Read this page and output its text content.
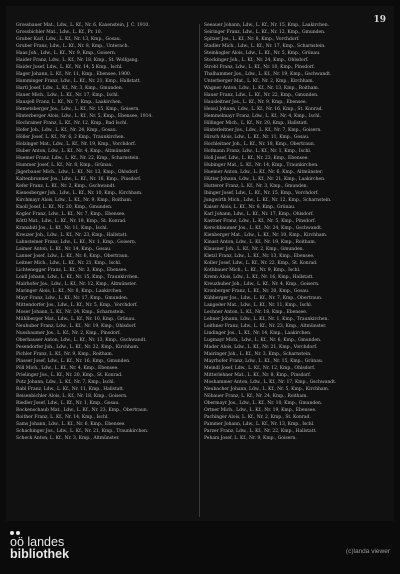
19
Grossbauer Mat., Ldw., L. Kf., Nr. 6, Kaxenstein, J. C. 1910.
Grossbichler Mat., Ldw., L. Kf., Pr. 10.
Gruber Karl, Ldw., L. Kf., Nr. 13, Kmp., Gosau.
Gruber Franz, Ldw., L. Kf., Nr. 8, Kmp., Unterach.
Haas Joh., Ldw., L. Kf., Nr. 9, Kmp., Goisern.
Haider Franz, Ldw., L. Kf., Nr. 18, Kmp., St. Wolfgang.
Haider Josef, Ldw., L. Kf., Nr. 14, 5 Kmp., Ischl.
Hager Johann, L. Kf., Nr. 11, Kmp., Ebensee, 1900.
Hamminger Franz, Ldw., L. Kf., Nr. 21, Kmp., Hallstatt.
Hartl Josef, Ldw., L. Kf., Nr. 3, Kmp., Gmunden.
Hauer Mich., Ldw., L. Kf., Nr. 17, Kmp., Ischl.
Hausjell Franz, L. Kf., Nr. 7, Kmp., Laakirchen.
Hemetsberger Jos., Ldw., L. Kf., Nr. 15, Kmp., Goisern.
Hinterberger Alois, Ldw., L. Kf., Nr. 5, Kmp., Ebensee, 1914.
Hochrainer Franz, L. Kf., Nr. 12, Kmp., Bad Ischl.
Hofer Joh., Ldw., L. Kf., Nr. 24, Kmp., Gosau.
Höller Josef, L. Kf., Nr. 6, 2 Kmp., Traunkirchen.
Holzinger Mat., Ldw., L. Kf., Nr. 19, Kmp., Vorchdorf.
Huber Anton, Ldw., L. Kf., Nr. 4, Kmp., Altmünster.
Huemer Franz, Ldw., L. Kf., Nr. 22, Kmp., Scharnstein.
Hummer Josef, L. Kf., Nr. 8, Kmp., Grünau.
Jägerbauer Mich., Ldw., L. Kf., Nr. 13, Kmp., Ohlsdorf.
Kaltenbrunner Jos., Ldw., L. Kf., Nr. 16, Kmp., Pinsdorf.
Kefer Franz, L. Kf., Nr. 2, Kmp., Gschwandt.
Kienesberger Joh., Ldw., L. Kf., Nr. 10, Kmp., Kirchham.
Kirchmayr Alois, Ldw., L. Kf., Nr. 9, Kmp., Roitham.
Knoll Josef, L. Kf., Nr. 20, Kmp., Gmunden.
Kogler Franz, Ldw., L. Kf., Nr. 7, Kmp., Ebensee.
Köttl Mat., Ldw., L. Kf., Nr. 18, Kmp., St. Konrad.
Kranabitl Jos., L. Kf., Nr. 11, Kmp., Ischl.
Kreuzer Joh., Ldw., L. Kf., Nr. 23, Kmp., Hallstatt.
Lahnsteiner Franz, Ldw., L. Kf., Nr. 1, Kmp., Goisern.
Laimer Anton, L. Kf., Nr. 14, Kmp., Gosau.
Lanner Josef, Ldw., L. Kf., Nr. 6, Kmp., Obertraun.
Leitner Mich., Ldw., L. Kf., Nr. 21, Kmp., Ischl.
Lichtenegger Franz, L. Kf., Nr. 3, Kmp., Ebensee.
Loidl Johann, Ldw., L. Kf., Nr. 15, Kmp., Traunkirchen.
Mairhofer Jos., Ldw., L. Kf., Nr. 12, Kmp., Altmünster.
Maringer Alois, L. Kf., Nr. 8, Kmp., Laakirchen.
Mayr Franz, Ldw., L. Kf., Nr. 17, Kmp., Gmunden.
Mittendorfer Jos., Ldw., L. Kf., Nr. 5, Kmp., Vorchdorf.
Moser Johann, L. Kf., Nr. 24, Kmp., Scharnstein.
Mühlberger Mat., Ldw., L. Kf., Nr. 10, Kmp., Grünau.
Neuhuber Franz, Ldw., L. Kf., Nr. 19, Kmp., Ohlsdorf.
Nussbaumer Jos., L. Kf., Nr. 2, Kmp., Pinsdorf.
Oberhauser Anton, Ldw., L. Kf., Nr. 13, Kmp., Gschwandt.
Pesendorfer Joh., Ldw., L. Kf., Nr. 22, Kmp., Kirchham.
Pichler Franz, L. Kf., Nr. 9, Kmp., Roitham.
Plasser Josef, Ldw., L. Kf., Nr. 16, Kmp., Gmunden.
Pöll Mich., Ldw., L. Kf., Nr. 4, Kmp., Ebensee.
Prielinger Jos., L. Kf., Nr. 20, Kmp., St. Konrad.
Putz Johann, Ldw., L. Kf., Nr. 7, Kmp., Ischl.
Rabl Franz, Ldw., L. Kf., Nr. 11, Kmp., Hallstatt.
Reisenbichler Alois, L. Kf., Nr. 18, Kmp., Goisern.
Riedler Josef, Ldw., L. Kf., Nr. 1, Kmp., Gosau.
Rockenschaub Mat., Ldw., L. Kf., Nr. 23, Kmp., Obertraun.
Roither Franz, L. Kf., Nr. 14, Kmp., Ischl.
Sams Johann, Ldw., L. Kf., Nr. 6, Kmp., Ebensee.
Schachinger Jos., Ldw., L. Kf., Nr. 21, Kmp., Traunkirchen.
Scheck Anton, L. Kf., Nr. 3, Kmp., Altmünster.
Seeauer Johann, Ldw., L. Kf., Nr. 15, Kmp., Laakirchen.
Seiringer Franz, Ldw., L. Kf., Nr. 12, Kmp., Gmunden.
Spitzer Jos., L. Kf., Nr. 8, Kmp., Vorchdorf.
Stadler Mich., Ldw., L. Kf., Nr. 17, Kmp., Scharnstein.
Steinkogler Alois, Ldw., L. Kf., Nr. 5, Kmp., Grünau.
Stockinger Joh., L. Kf., Nr. 24, Kmp., Ohlsdorf.
Strobl Franz, Ldw., L. Kf., Nr. 10, Kmp., Pinsdorf.
Thalhammer Jos., Ldw., L. Kf., Nr. 19, Kmp., Gschwandt.
Unterberger Mat., L. Kf., Nr. 2, Kmp., Kirchham.
Wagner Anton, Ldw., L. Kf., Nr. 13, Kmp., Roitham.
Hauer Franz, Ldw., L. Kf., Nr. 22, Kmp., Gmunden.
Hausleitner Jos., L. Kf., Nr. 9, Kmp., Ebensee.
Heissl Johann, Ldw., L. Kf., Nr. 16, Kmp., St. Konrad.
Hemmelmayr Franz, Ldw., L. Kf., Nr. 4, Kmp., Ischl.
Hillinger Mich., L. Kf., Nr. 20, Kmp., Hallstatt.
Hinterleitner Jos., Ldw., L. Kf., Nr. 7, Kmp., Goisern.
Hirsch Alois, Ldw., L. Kf., Nr. 11, Kmp., Gosau.
Hochleitner Joh., L. Kf., Nr. 18, Kmp., Obertraun.
Hofmann Franz, Ldw., L. Kf., Nr. 1, Kmp., Ischl.
Holl Josef, Ldw., L. Kf., Nr. 23, Kmp., Ebensee.
Hubinger Mat., L. Kf., Nr. 14, Kmp., Traunkirchen.
Huemer Anton, Ldw., L. Kf., Nr. 6, Kmp., Altmünster.
Hütter Johann, Ldw., L. Kf., Nr. 21, Kmp., Laakirchen.
Hutterer Franz, L. Kf., Nr. 3, Kmp., Gmunden.
Ibinger Josef, Ldw., L. Kf., Nr. 15, Kmp., Vorchdorf.
Jungwirth Mich., Ldw., L. Kf., Nr. 12, Kmp., Scharnstein.
Kaiser Alois, L. Kf., Nr. 8, Kmp., Grünau.
Karl Johann, Ldw., L. Kf., Nr. 17, Kmp., Ohlsdorf.
Kastner Franz, Ldw., L. Kf., Nr. 5, Kmp., Pinsdorf.
Kerschbaumer Jos., L. Kf., Nr. 24, Kmp., Gschwandt.
Kienberger Mat., Ldw., L. Kf., Nr. 10, Kmp., Kirchham.
Kinast Anton, Ldw., L. Kf., Nr. 19, Kmp., Roitham.
Klausner Joh., L. Kf., Nr. 2, Kmp., Gmunden.
Kletzl Franz, Ldw., L. Kf., Nr. 13, Kmp., Ebensee.
Koller Josef, Ldw., L. Kf., Nr. 22, Kmp., St. Konrad.
Kothbauer Mich., L. Kf., Nr. 9, Kmp., Ischl.
Krenn Alois, Ldw., L. Kf., Nr. 16, Kmp., Hallstatt.
Kreuzhuber Joh., Ldw., L. Kf., Nr. 4, Kmp., Goisern.
Kronberger Franz, L. Kf., Nr. 20, Kmp., Gosau.
Kühberger Jos., Ldw., L. Kf., Nr. 7, Kmp., Obertraun.
Langeder Mat., Ldw., L. Kf., Nr. 11, Kmp., Ischl.
Lechner Anton, L. Kf., Nr. 18, Kmp., Ebensee.
Lehner Johann, Ldw., L. Kf., Nr. 1, Kmp., Traunkirchen.
Leithner Franz, Ldw., L. Kf., Nr. 23, Kmp., Altmünster.
Lindinger Jos., L. Kf., Nr. 14, Kmp., Laakirchen.
Lugmayr Mich., Ldw., L. Kf., Nr. 6, Kmp., Gmunden.
Mader Alois, Ldw., L. Kf., Nr. 21, Kmp., Vorchdorf.
Mairinger Joh., L. Kf., Nr. 3, Kmp., Scharnstein.
Mayrhofer Franz, Ldw., L. Kf., Nr. 15, Kmp., Grünau.
Meindl Josef, Ldw., L. Kf., Nr. 12, Kmp., Ohlsdorf.
Mitterlehner Mat., L. Kf., Nr. 8, Kmp., Pinsdorf.
Moshammer Anton, Ldw., L. Kf., Nr. 17, Kmp., Gschwandt.
Neubacher Johann, Ldw., L. Kf., Nr. 5, Kmp., Kirchham.
Nöbauer Franz, L. Kf., Nr. 24, Kmp., Roitham.
Obermayr Jos., Ldw., L. Kf., Nr. 10, Kmp., Gmunden.
Ortner Mich., Ldw., L. Kf., Nr. 19, Kmp., Ebensee.
Pachinger Alois, L. Kf., Nr. 2, Kmp., St. Konrad.
Pammer Johann, Ldw., L. Kf., Nr. 13, Kmp., Ischl.
Parzer Franz, Ldw., L. Kf., Nr. 22, Kmp., Hallstatt.
Peham Josef, L. Kf., Nr. 9, Kmp., Goisern.
oö landes
bibliothek	(c)landa viewer
